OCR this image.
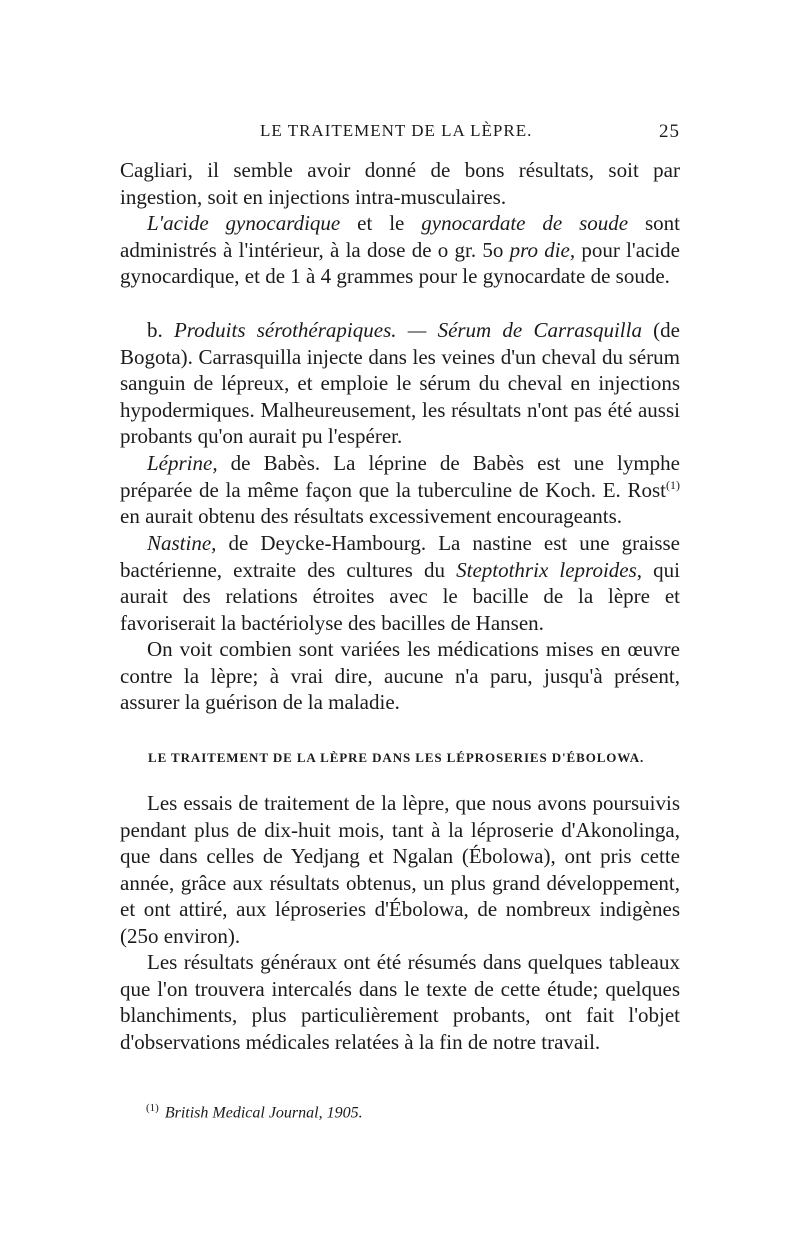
LE TRAITEMENT DE LA LÈPRE.	25

Cagliari, il semble avoir donné de bons résultats, soit par ingestion, soit en injections intra-musculaires.

L'acide gynocardique et le gynocardate de soude sont administrés à l'intérieur, à la dose de o gr. 5o pro die, pour l'acide gynocardique, et de 1 à 4 grammes pour le gynocardate de soude.

b. Produits sérothérapiques. — Sérum de Carrasquilla (de Bogota). Carrasquilla injecte dans les veines d'un cheval du sérum sanguin de lépreux, et emploie le sérum du cheval en injections hypodermiques. Malheureusement, les résultats n'ont pas été aussi probants qu'on aurait pu l'espérer.

Léprine, de Babès. La léprine de Babès est une lymphe préparée de la même façon que la tuberculine de Koch. E. Rost$^{(1)}$ en aurait obtenu des résultats excessivement encourageants.

Nastine, de Deycke-Hambourg. La nastine est une graisse bactérienne, extraite des cultures du Steptothrix leproides, qui aurait des relations étroites avec le bacille de la lèpre et favoriserait la bactériolyse des bacilles de Hansen.

On voit combien sont variées les médications mises en œuvre contre la lèpre; à vrai dire, aucune n'a paru, jusqu'à présent, assurer la guérison de la maladie.

LE TRAITEMENT DE LA LÈPRE DANS LES LÉPROSERIES D'ÉBOLOWA.

Les essais de traitement de la lèpre, que nous avons poursuivis pendant plus de dix-huit mois, tant à la léproserie d'Akonolinga, que dans celles de Yedjang et Ngalan (Ébolowa), ont pris cette année, grâce aux résultats obtenus, un plus grand développement, et ont attiré, aux léproseries d'Ébolowa, de nombreux indigènes (25o environ).

Les résultats généraux ont été résumés dans quelques tableaux que l'on trouvera intercalés dans le texte de cette étude; quelques blanchiments, plus particulièrement probants, ont fait l'objet d'observations médicales relatées à la fin de notre travail.

$^{(1)}$ British Medical Journal, 1905.
